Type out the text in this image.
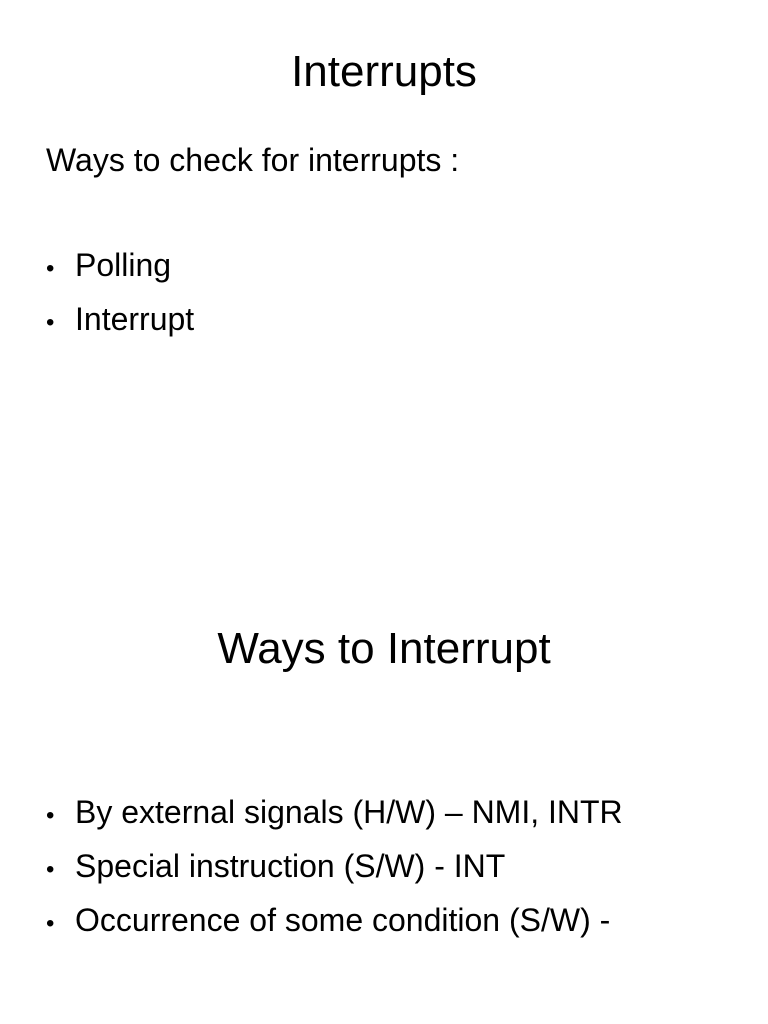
Interrupts

Ways to check for interrupts :

• Polling
• Interrupt
Ways to Interrupt
• By external signals (H/W) – NMI, INTR
• Special instruction (S/W) - INT
• Occurrence of some condition (S/W) -
